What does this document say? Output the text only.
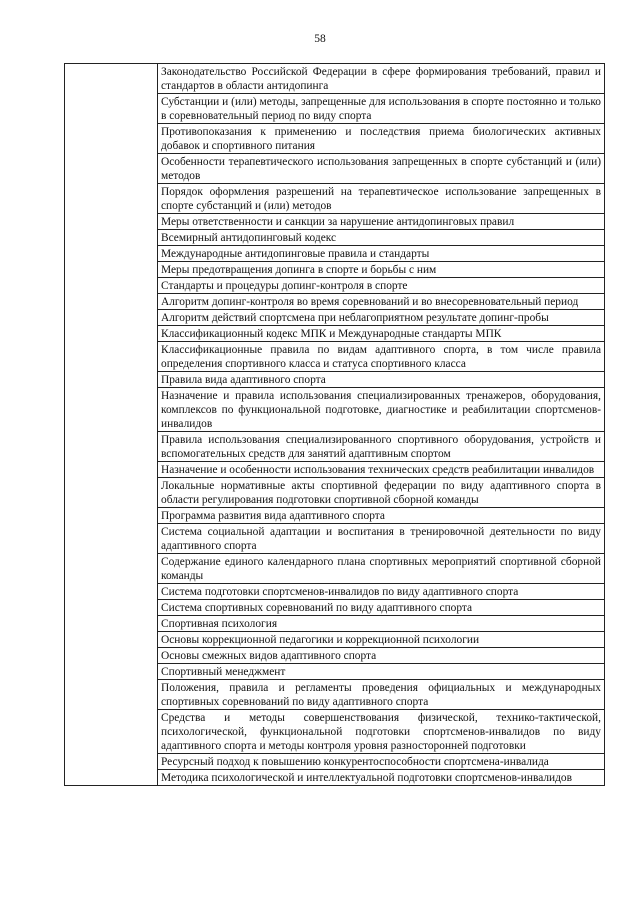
58
	Законодательство Российской Федерации в сфере формирования требований, правил и стандартов в области антидопинга
Субстанции и (или) методы, запрещенные для использования в спорте постоянно и только в соревновательный период по виду спорта
Противопоказания к применению и последствия приема биологических активных добавок и спортивного питания
Особенности терапевтического использования запрещенных в спорте субстанций и (или) методов
Порядок оформления разрешений на терапевтическое использование запрещенных в спорте субстанций и (или) методов
Меры ответственности и санкции за нарушение антидопинговых правил
Всемирный антидопинговый кодекс
Международные антидопинговые правила и стандарты
Меры предотвращения допинга в спорте и борьбы с ним
Стандарты и процедуры допинг-контроля в спорте
Алгоритм допинг-контроля во время соревнований и во внесоревновательный период
Алгоритм действий спортсмена при неблагоприятном результате допинг-пробы
Классификационный кодекс МПК и Международные стандарты МПК
Классификационные правила по видам адаптивного спорта, в том числе правила определения спортивного класса и статуса спортивного класса
Правила вида адаптивного спорта
Назначение и правила использования специализированных тренажеров, оборудования, комплексов по функциональной подготовке, диагностике и реабилитации спортсменов-инвалидов
Правила использования специализированного спортивного оборудования, устройств и вспомогательных средств для занятий адаптивным спортом
Назначение и особенности использования технических средств реабилитации инвалидов
Локальные нормативные акты спортивной федерации по виду адаптивного спорта в области регулирования подготовки спортивной сборной команды
Программа развития вида адаптивного спорта
Система социальной адаптации и воспитания в тренировочной деятельности по виду адаптивного спорта
Содержание единого календарного плана спортивных мероприятий спортивной сборной команды
Система подготовки спортсменов-инвалидов по виду адаптивного спорта
Система спортивных соревнований по виду адаптивного спорта
Спортивная психология
Основы коррекционной педагогики и коррекционной психологии
Основы смежных видов адаптивного спорта
Спортивный менеджмент
Положения, правила и регламенты проведения официальных и международных спортивных соревнований по виду адаптивного спорта
Средства и методы совершенствования физической, технико-тактической, психологической, функциональной подготовки спортсменов-инвалидов по виду адаптивного спорта и методы контроля уровня разносторонней подготовки
Ресурсный подход к повышению конкурентоспособности спортсмена-инвалида
Методика психологической и интеллектуальной подготовки спортсменов-инвалидов
